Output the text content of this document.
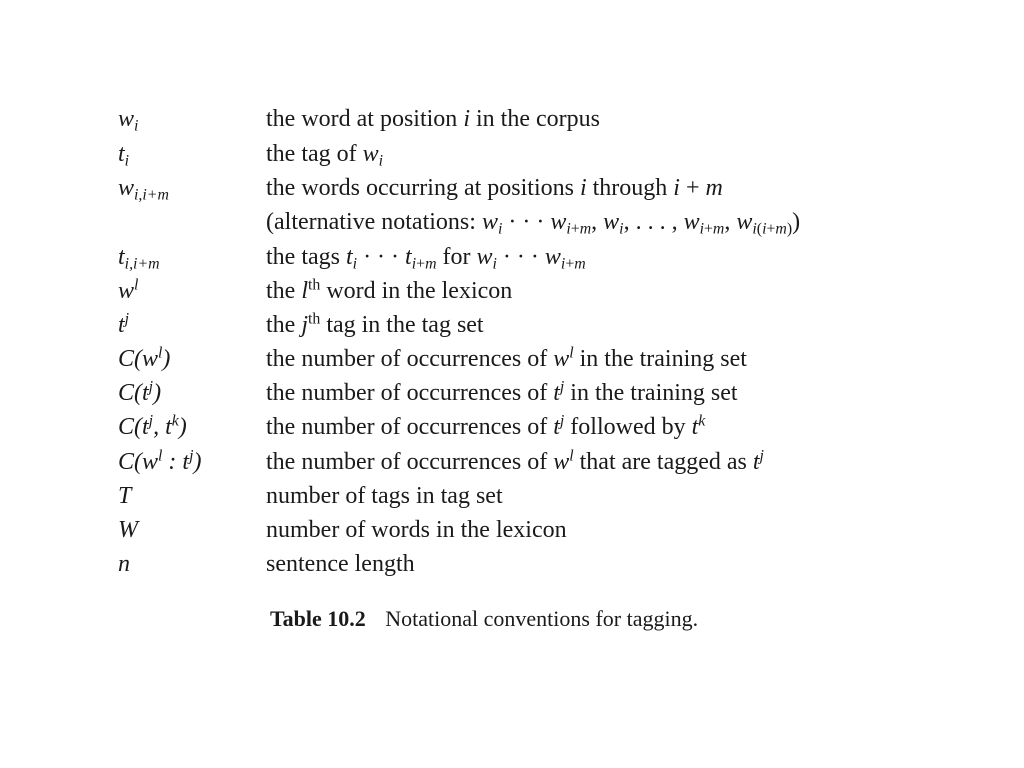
$w_i$	the word at position i in the corpus
$t_i$	the tag of $w_i$
$w_{i,i+m}$	the words occurring at positions i through i + m
(alternative notations: $w_i$ · · · $w_{i+m}$, $w_i$, . . . , $w_{i+m}$, $w_{i(i+m)}$)
$t_{i,i+m}$	the tags $t_i$ · · · $t_{i+m}$ for $w_i$ · · · $w_{i+m}$
$w^l$	the $l^{th}$ word in the lexicon
$t^j$	the $j^{th}$ tag in the tag set
$C(w^l)$	the number of occurrences of $w^l$ in the training set
$C(t^j)$	the number of occurrences of $t^j$ in the training set
$C(t^j$, $t^k$)	the number of occurrences of $t^j$ followed by $t^k$
$C(w^l$ : $t^j$)	the number of occurrences of $w^l$ that are tagged as $t^j$
T	number of tags in tag set
W	number of words in the lexicon
n	sentence length
Table 10.2 Notational conventions for tagging.
